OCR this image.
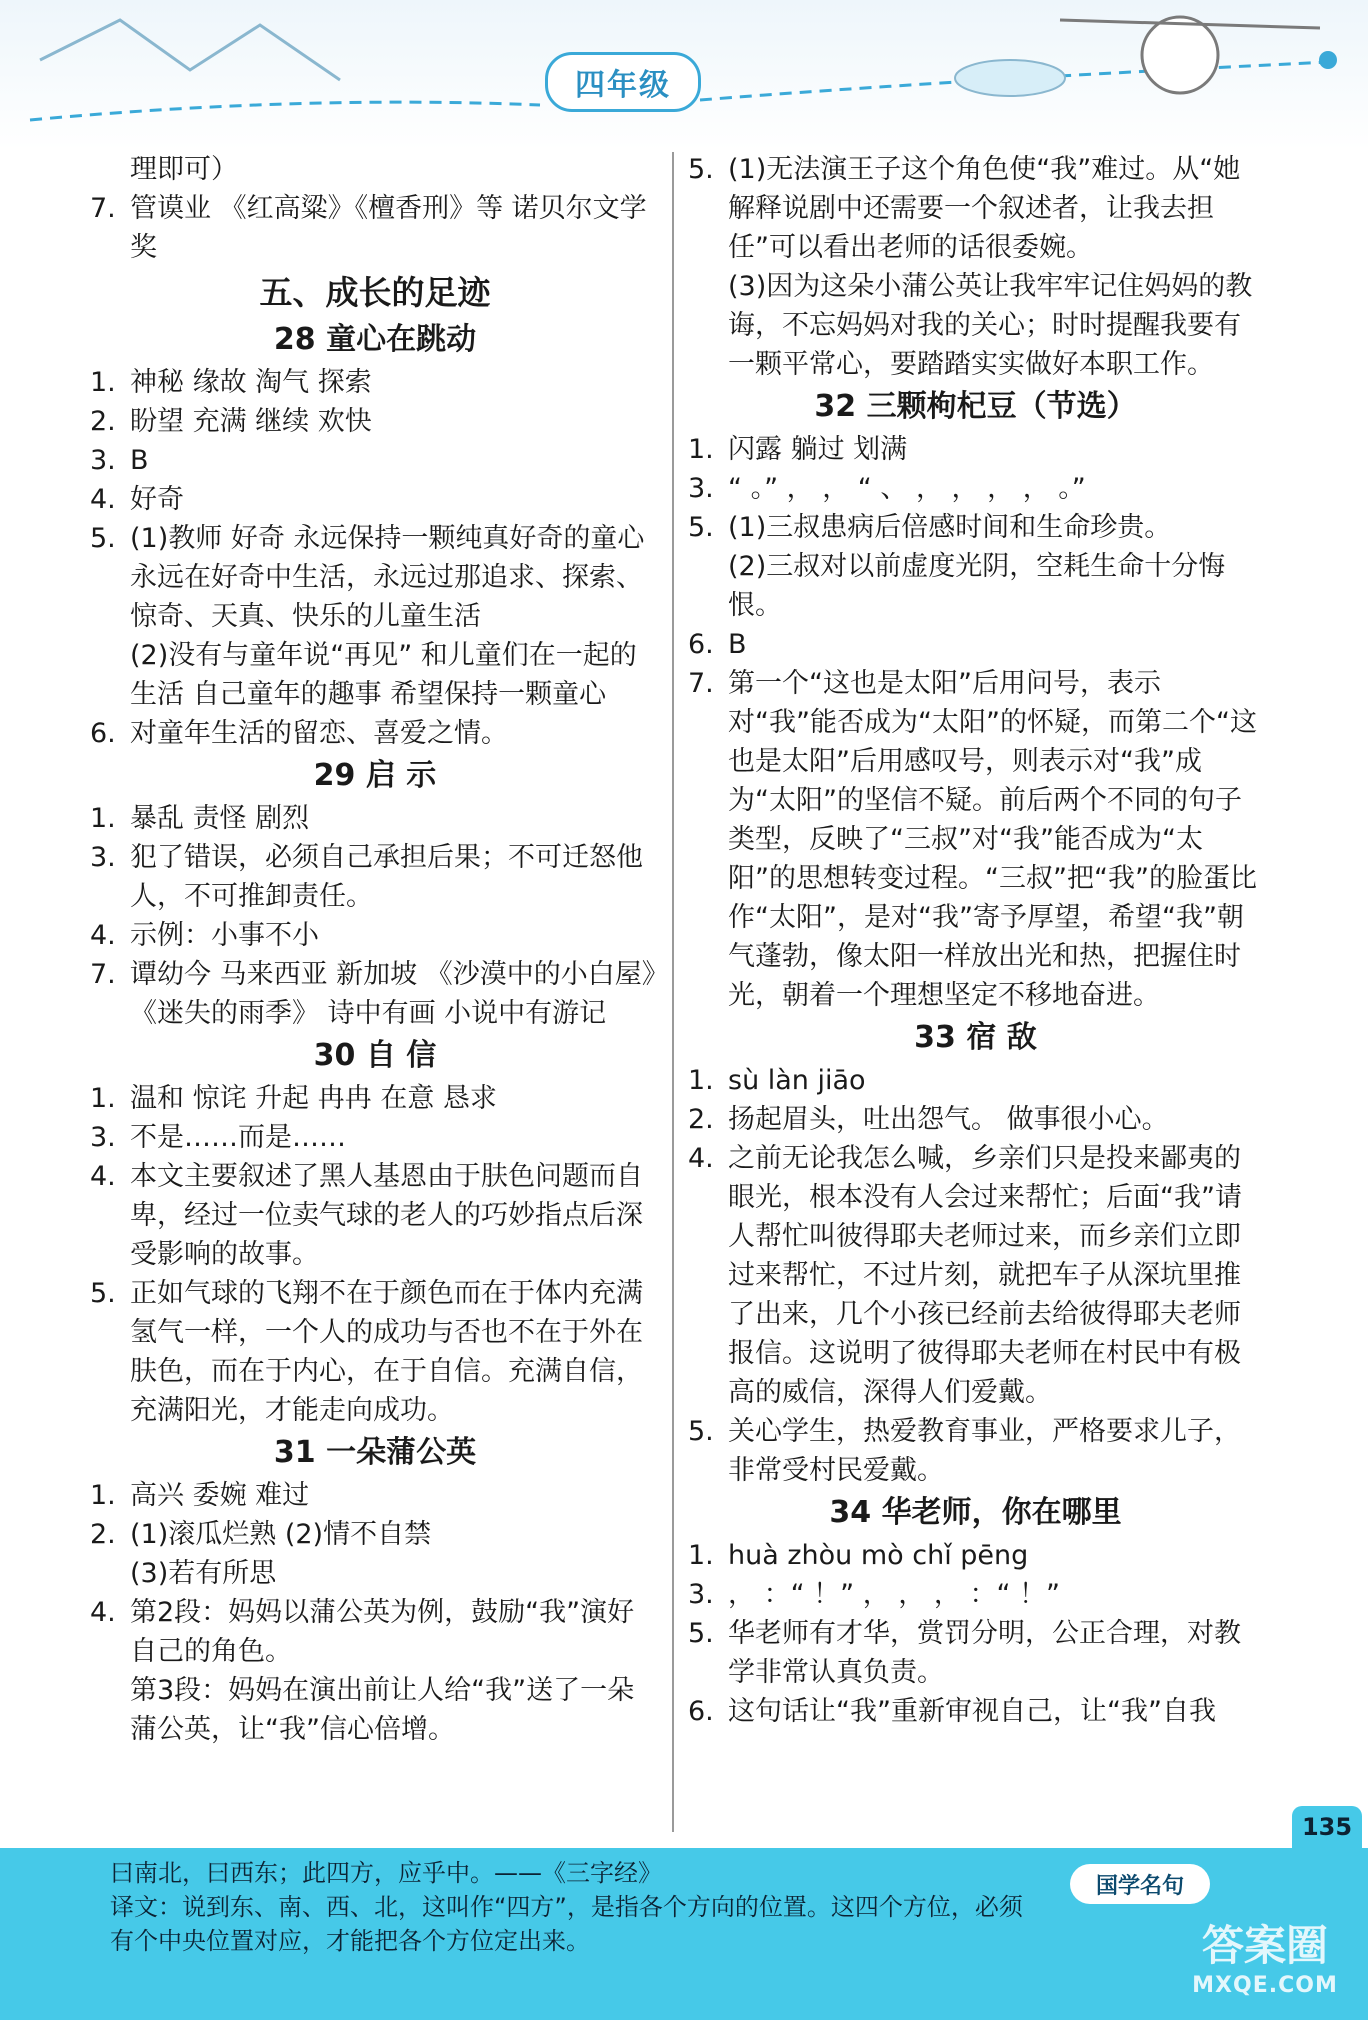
四年级

理即可）

7. 管谟业 《红高粱》《檀香刑》等 诺贝尔文学奖
五、成长的足迹
28 童心在跳动
1. 神秘 缘故 淘气 探索
2. 盼望 充满 继续 欢快
3. B
4. 好奇
5. (1)教师 好奇 永远保持一颗纯真好奇的童心 永远在好奇中生活，永远过那追求、探索、惊奇、天真、快乐的儿童生活

(2)没有与童年说“再见” 和儿童们在一起的生活 自己童年的趣事 希望保持一颗童心

6. 对童年生活的留恋、喜爱之情。
29 启 示
1. 暴乱 责怪 剧烈
3. 犯了错误，必须自己承担后果；不可迁怒他人，不可推卸责任。
4. 示例：小事不小
7. 谭幼今 马来西亚 新加坡 《沙漠中的小白屋》《迷失的雨季》 诗中有画 小说中有游记
30 自 信
1. 温和 惊诧 升起 冉冉 在意 恳求
3. 不是……而是……
4. 本文主要叙述了黑人基恩由于肤色问题而自卑，经过一位卖气球的老人的巧妙指点后深受影响的故事。
5. 正如气球的飞翔不在于颜色而在于体内充满氢气一样，一个人的成功与否也不在于外在肤色，而在于内心，在于自信。充满自信，充满阳光，才能走向成功。
31 一朵蒲公英
1. 高兴 委婉 难过
2. (1)滚瓜烂熟 (2)情不自禁

(3)若有所思

4. 第2段：妈妈以蒲公英为例，鼓励“我”演好自己的角色。

第3段：妈妈在演出前让人给“我”送了一朵蒲公英，让“我”信心倍增。

5. (1)无法演王子这个角色使“我”难过。从“她解释说剧中还需要一个叙述者，让我去担任”可以看出老师的话很委婉。

(3)因为这朵小蒲公英让我牢牢记住妈妈的教诲，不忘妈妈对我的关心；时时提醒我要有一颗平常心，要踏踏实实做好本职工作。

32 三颗枸杞豆（节选）
1. 闪露 躺过 划满
3. “ 。” ， ， “ 、 ， ， ， ， 。”
5. (1)三叔患病后倍感时间和生命珍贵。

(2)三叔对以前虚度光阴，空耗生命十分悔恨。

6. B
7. 第一个“这也是太阳”后用问号，表示对“我”能否成为“太阳”的怀疑，而第二个“这也是太阳”后用感叹号，则表示对“我”成为“太阳”的坚信不疑。前后两个不同的句子类型，反映了“三叔”对“我”能否成为“太阳”的思想转变过程。“三叔”把“我”的脸蛋比作“太阳”，是对“我”寄予厚望，希望“我”朝气蓬勃，像太阳一样放出光和热，把握住时光，朝着一个理想坚定不移地奋进。
33 宿 敌
1. sù làn jiāo
2. 扬起眉头，吐出怨气。 做事很小心。
4. 之前无论我怎么喊，乡亲们只是投来鄙夷的眼光，根本没有人会过来帮忙；后面“我”请人帮忙叫彼得耶夫老师过来，而乡亲们立即过来帮忙，不过片刻，就把车子从深坑里推了出来，几个小孩已经前去给彼得耶夫老师报信。这说明了彼得耶夫老师在村民中有极高的威信，深得人们爱戴。
5. 关心学生，热爱教育事业，严格要求儿子，非常受村民爱戴。
34 华老师，你在哪里
1. huà zhòu mò chǐ pēng
3. ， ：“ ！” ， ， ， ：“ ！”
5. 华老师有才华，赏罚分明，公正合理，对教学非常认真负责。
6. 这句话让“我”重新审视自己，让“我”自我
135

曰南北，曰西东；此四方，应乎中。——《三字经》

译文：说到东、南、西、北，这叫作“四方”，是指各个方向的位置。这四个方位，必须有个中央位置对应，才能把各个方位定出来。

国学名句
答案圈
MXQE.COM
